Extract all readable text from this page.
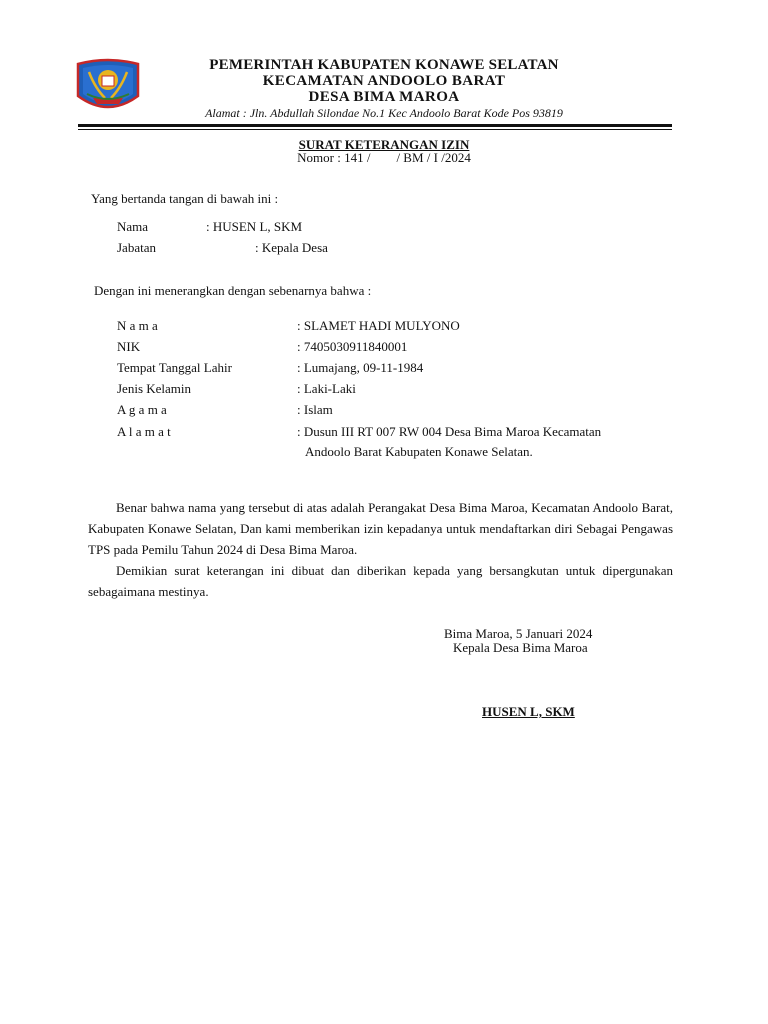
PEMERINTAH KABUPATEN KONAWE SELATAN
KECAMATAN ANDOOLO BARAT
DESA BIMA MAROA
Alamat : Jln. Abdullah Silondae No.1 Kec Andoolo Barat Kode Pos 93819
SURAT KETERANGAN IZIN
Nomor : 141 /        / BM / I /2024
Yang bertanda tangan di bawah ini :
Nama	: HUSEN L, SKM
Jabatan	: Kepala Desa
Dengan ini menerangkan dengan sebenarnya bahwa :
N a m a	: SLAMET HADI MULYONO
NIK	: 7405030911840001
Tempat Tanggal Lahir	: Lumajang, 09-11-1984
Jenis Kelamin	: Laki-Laki
A g a m a	: Islam
A l a m a t	: Dusun III RT 007 RW 004 Desa Bima Maroa Kecamatan
Andoolo Barat Kabupaten Konawe Selatan.
Benar bahwa nama yang tersebut di atas adalah Perangakat Desa Bima Maroa, Kecamatan Andoolo Barat, Kabupaten Konawe Selatan, Dan kami memberikan izin kepadanya untuk mendaftarkan diri Sebagai Pengawas TPS pada Pemilu Tahun 2024 di Desa Bima Maroa.
Demikian surat keterangan ini dibuat dan diberikan kepada yang bersangkutan untuk dipergunakan sebagaimana mestinya.
Bima Maroa, 5 Januari 2024
Kepala Desa Bima Maroa
HUSEN L, SKM
